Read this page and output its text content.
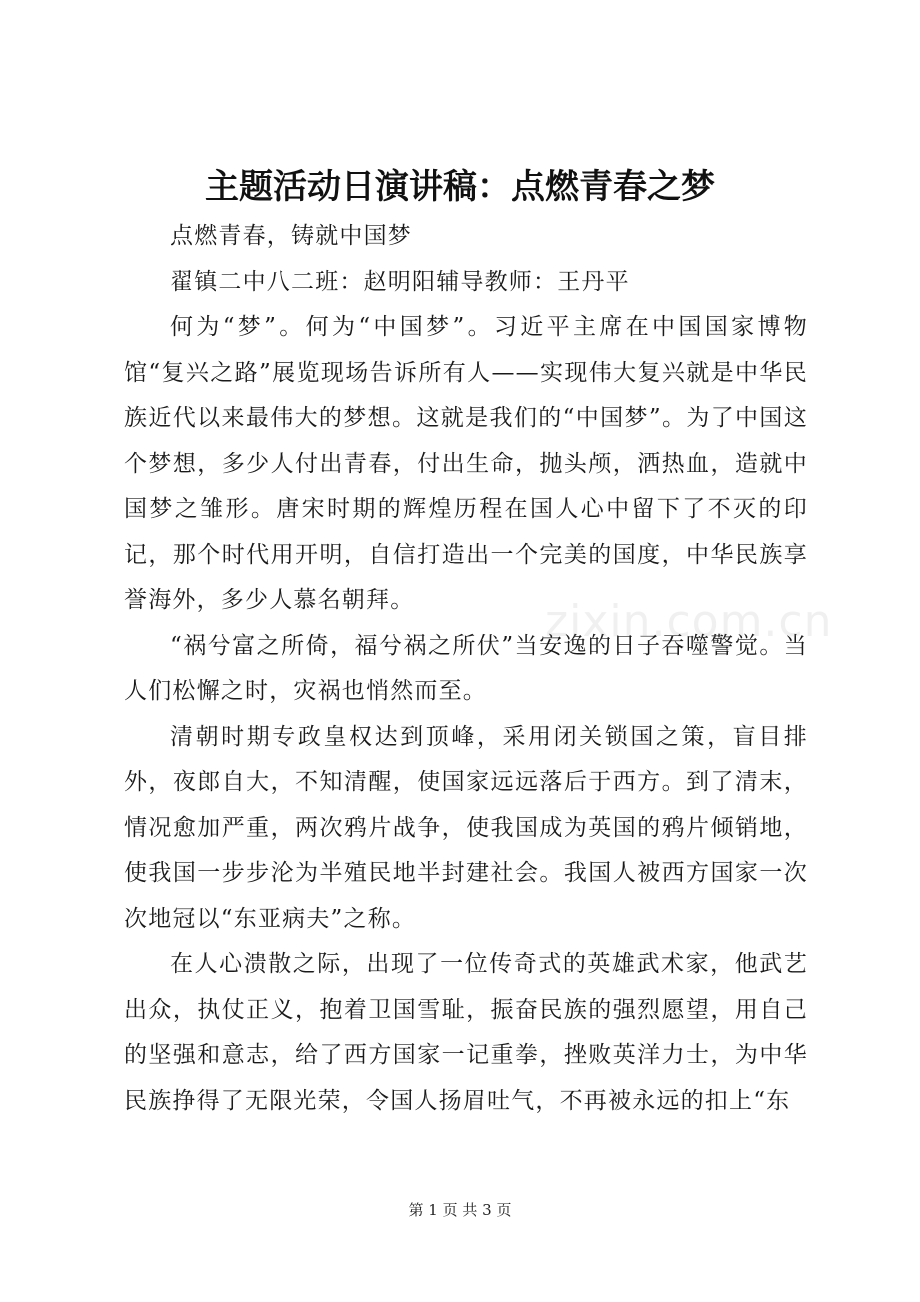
主题活动日演讲稿：点燃青春之梦

点燃青春，铸就中国梦

翟镇二中八二班：赵明阳辅导教师：王丹平

何为“梦”。何为“中国梦”。习近平主席在中国国家博物馆“复兴之路”展览现场告诉所有人——实现伟大复兴就是中华民族近代以来最伟大的梦想。这就是我们的“中国梦”。为了中国这个梦想，多少人付出青春，付出生命，抛头颅，洒热血，造就中国梦之雏形。唐宋时期的辉煌历程在国人心中留下了不灭的印记，那个时代用开明，自信打造出一个完美的国度，中华民族享誉海外，多少人慕名朝拜。

“祸兮富之所倚，福兮祸之所伏”当安逸的日子吞噬警觉。当人们松懈之时，灾祸也悄然而至。

清朝时期专政皇权达到顶峰，采用闭关锁国之策，盲目排外，夜郎自大，不知清醒，使国家远远落后于西方。到了清末，情况愈加严重，两次鸦片战争，使我国成为英国的鸦片倾销地，使我国一步步沦为半殖民地半封建社会。我国人被西方国家一次次地冠以“东亚病夫”之称。

在人心溃散之际，出现了一位传奇式的英雄武术家，他武艺出众，执仗正义，抱着卫国雪耻，振奋民族的强烈愿望，用自己的坚强和意志，给了西方国家一记重拳，挫败英洋力士，为中华民族挣得了无限光荣，令国人扬眉吐气，不再被永远的扣上“东

zixin.com.cn
第 1 页 共 3 页
